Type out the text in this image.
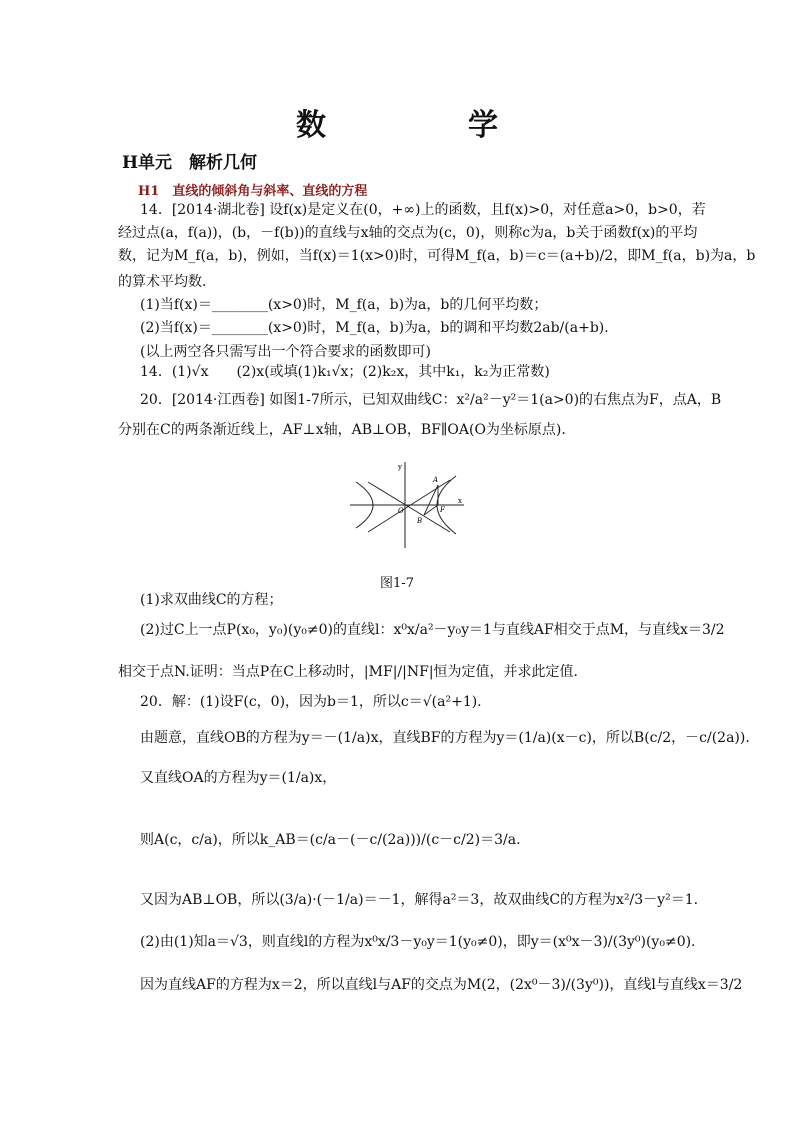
数　学
H单元　解析几何
H1　直线的倾斜角与斜率、直线的方程
14．[2014·湖北卷] 设f(x)是定义在(0，+∞)上的函数，且f(x)>0，对任意a>0，b>0，若
经过点(a，f(a))，(b，－f(b))的直线与x轴的交点为(c，0)，则称c为a，b关于函数f(x)的平均
数，记为M_f(a，b)，例如，当f(x)＝1(x>0)时，可得M_f(a，b)＝c＝(a+b)/2，即M_f(a，b)为a，b
的算术平均数．
(1)当f(x)＝________(x>0)时，M_f(a，b)为a，b的几何平均数；
(2)当f(x)＝________(x>0)时，M_f(a，b)为a，b的调和平均数2ab/(a+b).
(以上两空各只需写出一个符合要求的函数即可)
14．(1)√x　　(2)x(或填(1)k₁√x；(2)k₂x，其中k₁，k₂为正常数)
20．[2014·江西卷] 如图1-7所示，已知双曲线C：x²/a²－y²＝1(a>0)的右焦点为F，点A，B
分别在C的两条渐近线上，AF⊥x轴，AB⊥OB，BF∥OA(O为坐标原点)．
y
O
A
B
F
x
图1-7
(1)求双曲线C的方程；
(2)过C上一点P(x₀，y₀)(y₀≠0)的直线l：x⁰x/a²－y₀y＝1与直线AF相交于点M，与直线x＝3/2
相交于点N.证明：当点P在C上移动时，|MF|/|NF|恒为定值，并求此定值．
20．解：(1)设F(c，0)，因为b＝1，所以c＝√(a²+1).
由题意，直线OB的方程为y＝－(1/a)x，直线BF的方程为y＝(1/a)(x－c)，所以B(c/2，－c/(2a)).
又直线OA的方程为y＝(1/a)x，
则A(c，c/a)，所以k_AB＝(c/a－(－c/(2a)))/(c－c/2)＝3/a.
又因为AB⊥OB，所以(3/a)·(－1/a)＝－1，解得a²＝3，故双曲线C的方程为x²/3－y²＝1.
(2)由(1)知a＝√3，则直线l的方程为x⁰x/3－y₀y＝1(y₀≠0)，即y＝(x⁰x－3)/(3y⁰)(y₀≠0).
因为直线AF的方程为x＝2，所以直线l与AF的交点为M(2，(2x⁰－3)/(3y⁰))，直线l与直线x＝3/2
